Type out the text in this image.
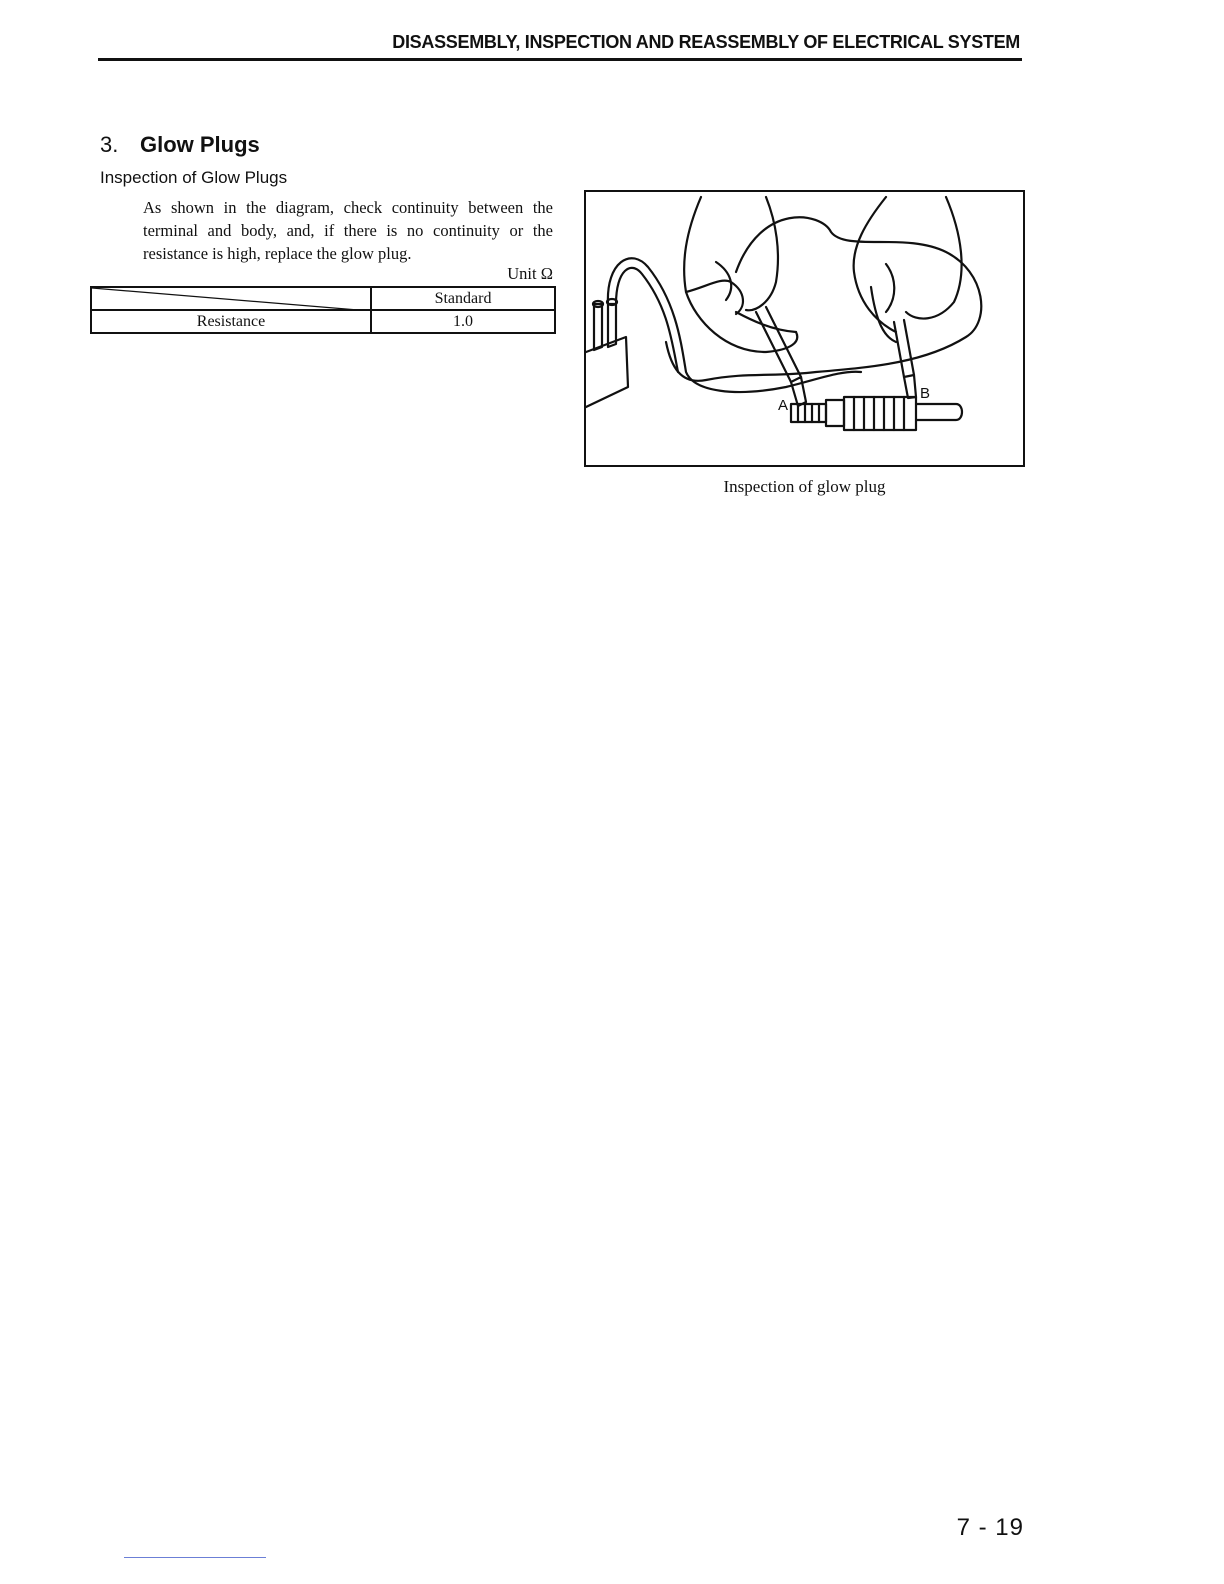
DISASSEMBLY, INSPECTION AND REASSEMBLY OF ELECTRICAL SYSTEM
3. Glow Plugs
Inspection of Glow Plugs
As shown in the diagram, check continuity between the terminal and body, and, if there is no continuity or the resistance is high, replace the glow plug.
Unit Ω
	Standard
Resistance	1.0
A
B
Inspection of glow plug
7 - 19
